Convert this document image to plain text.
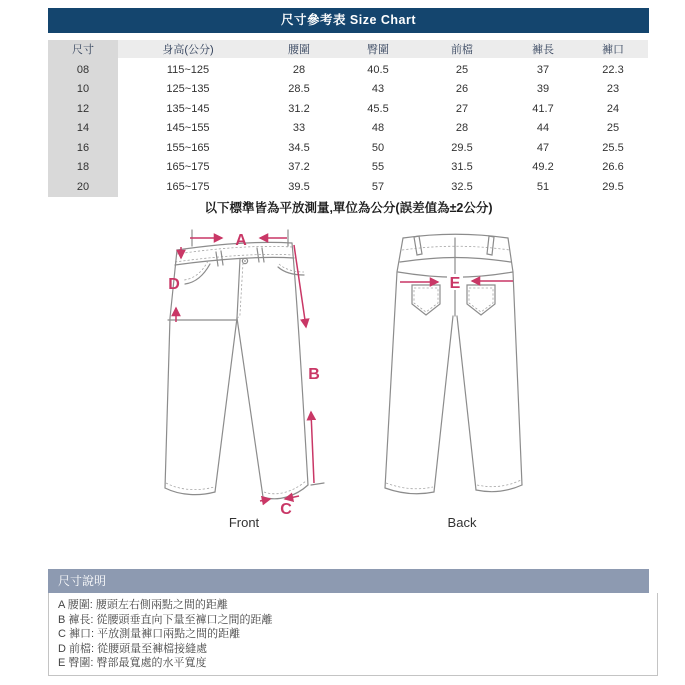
尺寸參考表 Size Chart
尺寸	身高(公分)	腰圍	臀圍	前檔	褲長	褲口
08	115~125	28	40.5	25	37	22.3
10	125~135	28.5	43	26	39	23
12	135~145	31.2	45.5	27	41.7	24
14	145~155	33	48	28	44	25
16	155~165	34.5	50	29.5	47	25.5
18	165~175	37.2	55	31.5	49.2	26.6
20	165~175	39.5	57	32.5	51	29.5
以下標準皆為平放測量,單位為公分(誤差值為±2公分)
A
D
B
C
Front
E
Back
尺寸說明
A 腰圍: 腰頭左右側兩點之間的距離
B 褲長: 從腰頭垂直向下量至褲口之間的距離
C 褲口: 平放測量褲口兩點之間的距離
D 前檔: 從腰頭量至褲檔接縫處
E 臀圍: 臀部最寬處的水平寬度
